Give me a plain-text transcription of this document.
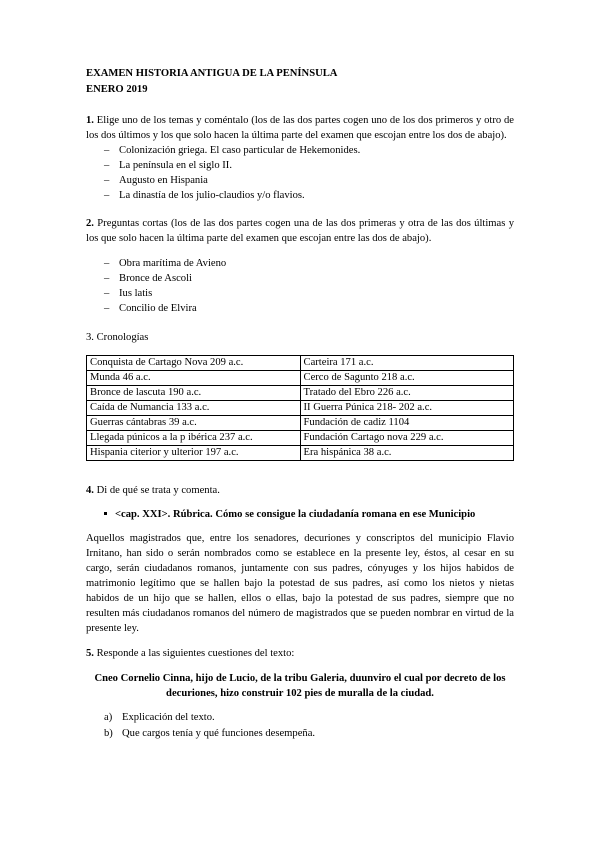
EXAMEN HISTORIA ANTIGUA DE LA PENÍNSULA
ENERO 2019

1. Elige uno de los temas y coméntalo (los de las dos partes cogen uno de los dos primeros y otro de los dos últimos y los que solo hacen la última parte del examen que escojan entre los dos de abajo).

– Colonización griega. El caso particular de Hekemonides.
– La península en el siglo II.
– Augusto en Hispania
– La dinastía de los julio-claudios y/o flavios.

2. Preguntas cortas (los de las dos partes cogen una de las dos primeras y otra de las dos últimas y los que solo hacen la última parte del examen que escojan entre las dos de abajo).

– Obra marítima de Avieno
– Bronce de Ascoli
– Ius latis
– Concilio de Elvira

3. Cronologías

Conquista de Cartago Nova 209 a.c.	Carteira 171 a.c.
Munda 46 a.c.	Cerco de Sagunto 218 a.c.
Bronce de lascuta 190 a.c.	Tratado del Ebro 226 a.c.
Caída de Numancia 133 a.c.	II Guerra Púnica 218- 202 a.c.
Guerras cántabras 39 a.c.	Fundación de cadiz 1104
Llegada púnicos a la p ibérica 237 a.c.	Fundación Cartago nova 229 a.c.
Hispania citerior y ulterior 197 a.c.	Era hispánica 38 a.c.

4. Di de qué se trata y comenta.

<cap. XXI>. Rúbrica. Cómo se consigue la ciudadanía romana en ese Municipio

Aquellos magistrados que, entre los senadores, decuriones y conscriptos del municipio Flavio Irnitano, han sido o serán nombrados como se establece en la presente ley, éstos, al cesar en su cargo, serán ciudadanos romanos, juntamente con sus padres, cónyuges y los hijos habidos de matrimonio legítimo que se hallen bajo la potestad de sus padres, así como los nietos y nietas habidos de un hijo que se hallen, ellos o ellas, bajo la potestad de sus padres, siempre que no resulten más ciudadanos romanos del número de magistrados que se pueden nombrar en virtud de la presente ley.

5. Responde a las siguientes cuestiones del texto:

Cneo Cornelio Cinna, hijo de Lucio, de la tribu Galeria, duunviro el cual por decreto de los decuriones, hizo construir 102 pies de muralla de la ciudad.

a) Explicación del texto.
b) Que cargos tenía y qué funciones desempeña.
